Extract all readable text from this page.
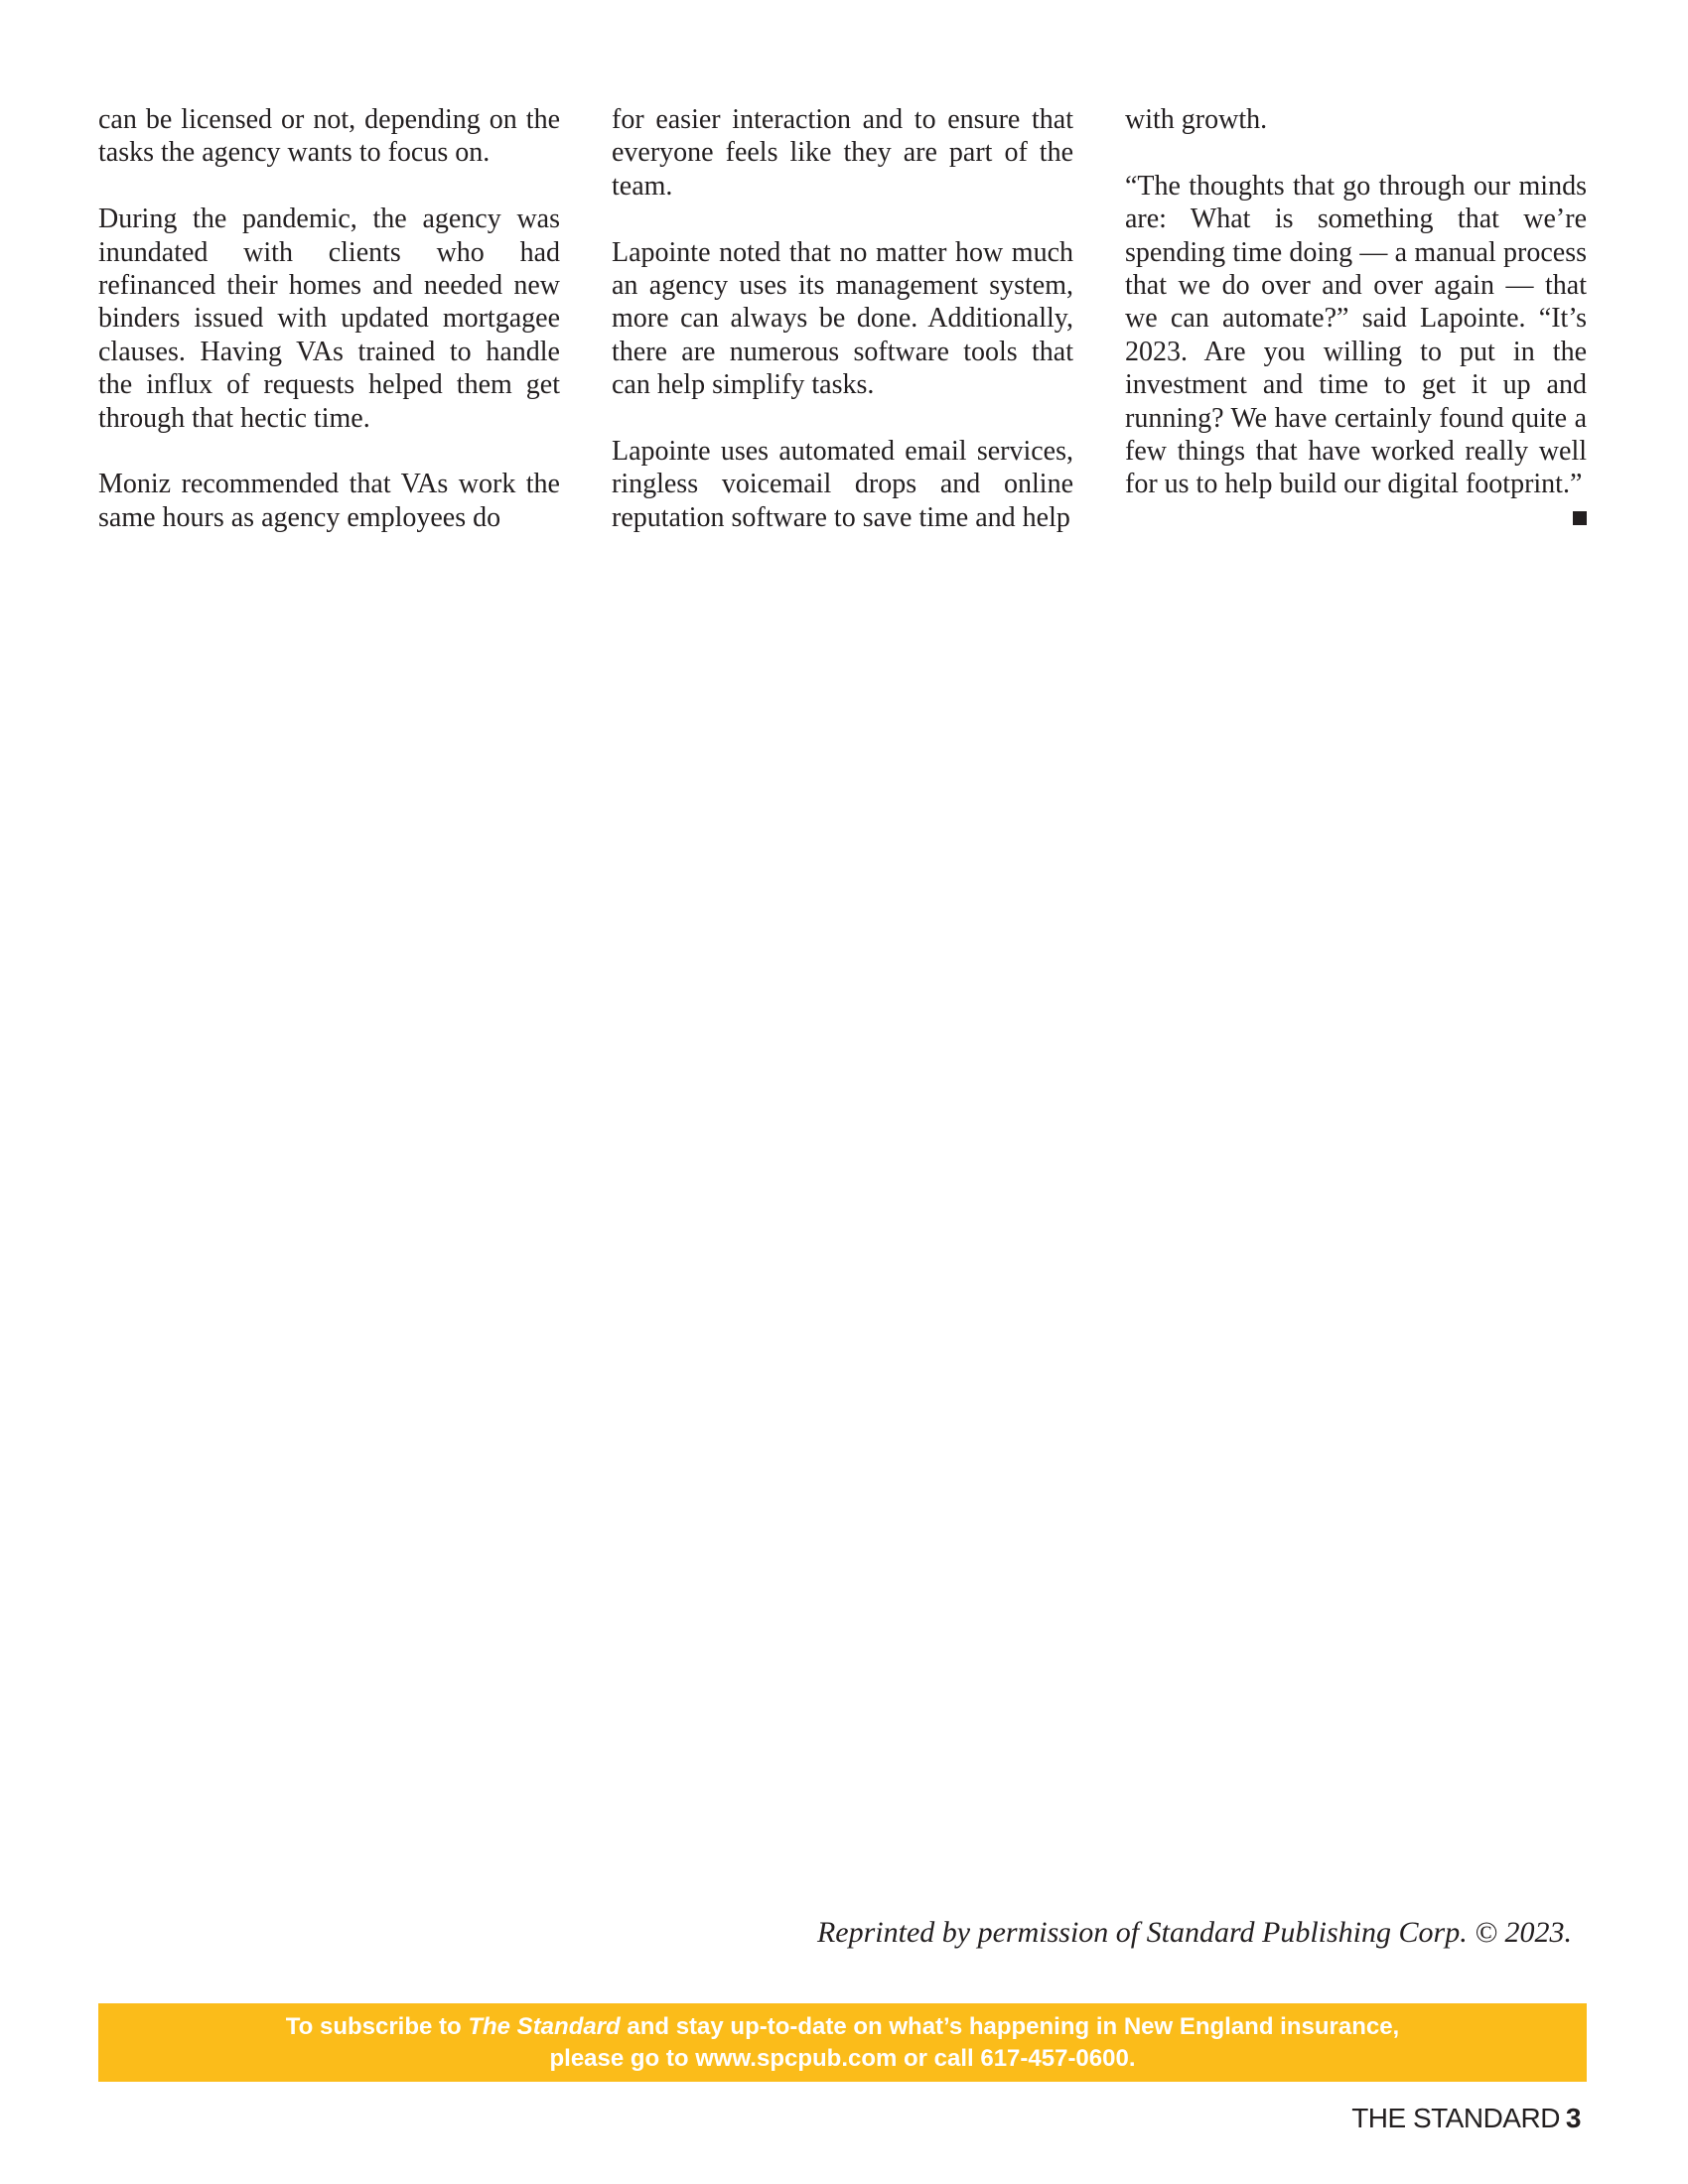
can be licensed or not, depending on the tasks the agency wants to focus on.

During the pandemic, the agency was inundated with clients who had refinanced their homes and needed new binders issued with updated mortgagee clauses. Having VAs trained to handle the influx of requests helped them get through that hectic time.

Moniz recommended that VAs work the same hours as agency employees do

for easier interaction and to ensure that everyone feels like they are part of the team.

Lapointe noted that no matter how much an agency uses its management system, more can always be done. Additionally, there are numerous software tools that can help simplify tasks.

Lapointe uses automated email services, ringless voicemail drops and online reputation software to save time and help

with growth.

“The thoughts that go through our minds are: What is something that we’re spending time doing — a manual process that we do over and over again — that we can automate?” said Lapointe. “It’s 2023. Are you willing to put in the investment and time to get it up and running? We have certainly found quite a few things that have worked really well for us to help build our digital footprint.”

Reprinted by permission of Standard Publishing Corp. © 2023.
To subscribe to The Standard and stay up-to-date on what’s happening in New England insurance,
please go to www.spcpub.com or call 617-457-0600.
THE STANDARD 3
